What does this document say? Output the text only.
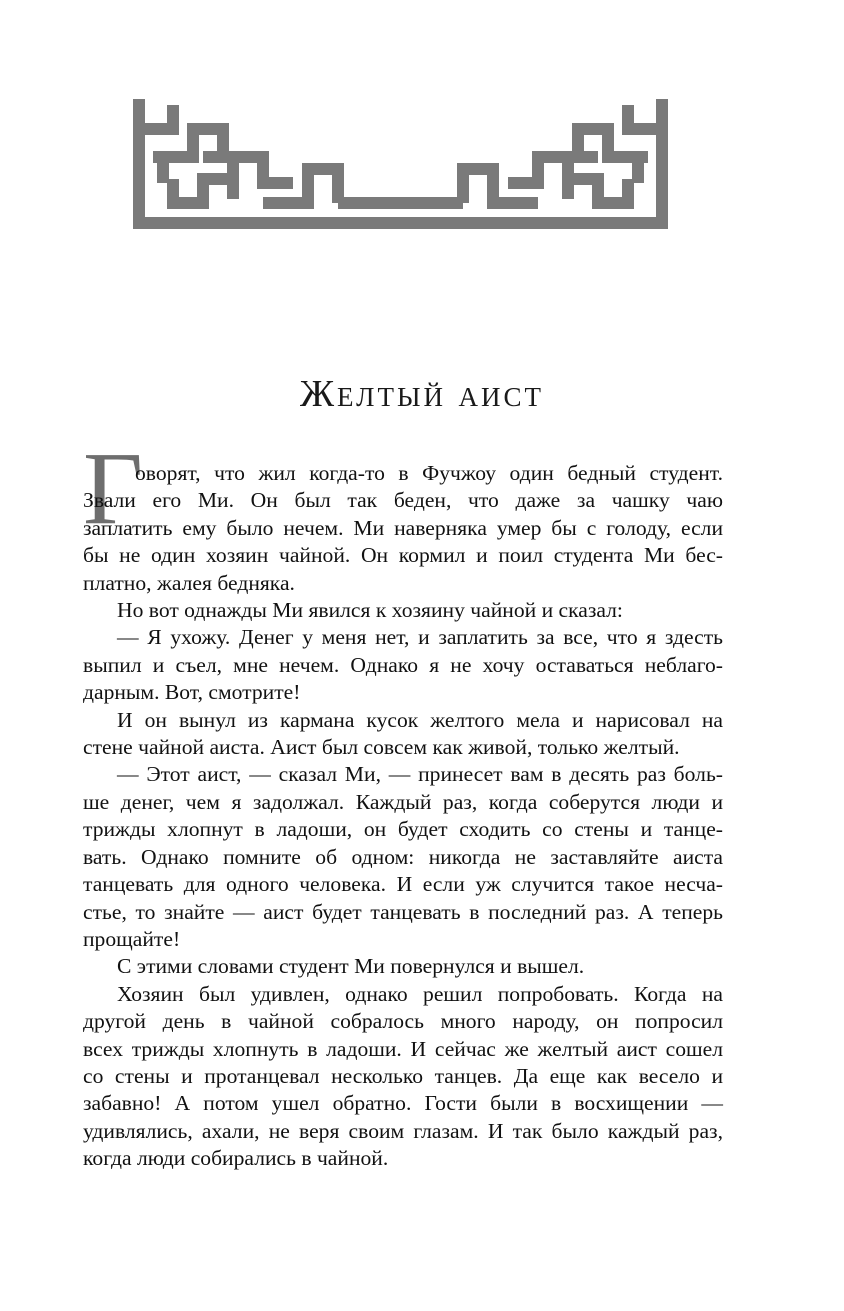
Желтый аист
Г
оворят, что жил когда-то в Фучжоу один бедный студент.
Звали его Ми. Он был так беден, что даже за чашку чаю
заплатить ему было нечем. Ми наверняка умер бы с голоду, если
бы не один хозяин чайной. Он кормил и поил студента Ми бес-
платно, жалея бедняка.
Но вот однажды Ми явился к хозяину чайной и сказал:
— Я ухожу. Денег у меня нет, и заплатить за все, что я здесть
выпил и съел, мне нечем. Однако я не хочу оставаться неблаго-
дарным. Вот, смотрите!
И он вынул из кармана кусок желтого мела и нарисовал на
стене чайной аиста. Аист был совсем как живой, только желтый.
— Этот аист, — сказал Ми, — принесет вам в десять раз боль-
ше денег, чем я задолжал. Каждый раз, когда соберутся люди и
трижды хлопнут в ладоши, он будет сходить со стены и танце-
вать. Однако помните об одном: никогда не заставляйте аиста
танцевать для одного человека. И если уж случится такое несча-
стье, то знайте — аист будет танцевать в последний раз. А теперь
прощайте!
С этими словами студент Ми повернулся и вышел.
Хозяин был удивлен, однако решил попробовать. Когда на
другой день в чайной собралось много народу, он попросил
всех трижды хлопнуть в ладоши. И сейчас же желтый аист сошел
со стены и протанцевал несколько танцев. Да еще как весело и
забавно! А потом ушел обратно. Гости были в восхищении —
удивлялись, ахали, не веря своим глазам. И так было каждый раз,
когда люди собирались в чайной.
